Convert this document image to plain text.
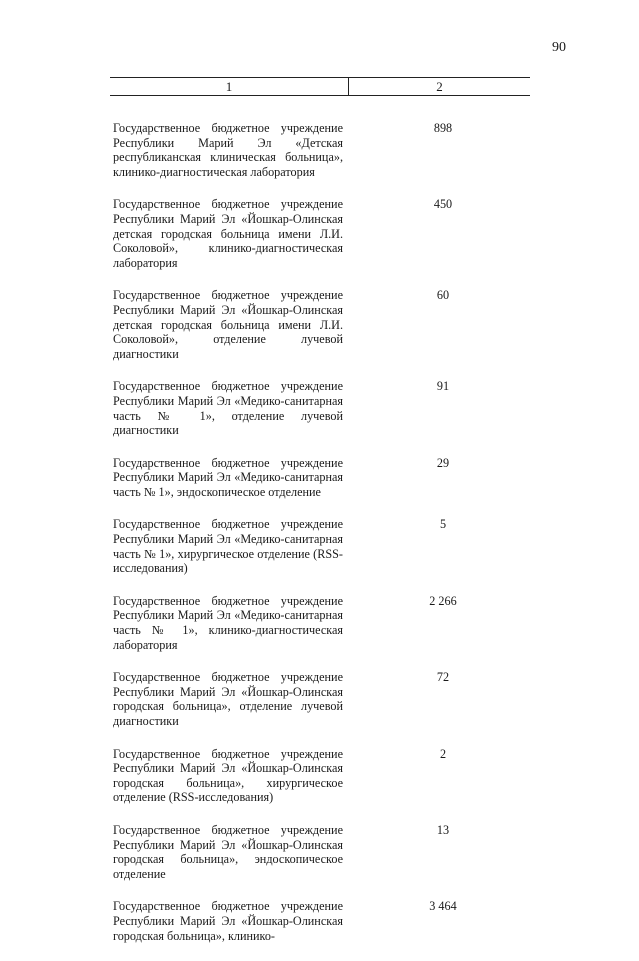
90
1	2
Государственное бюджетное учреждение Республики Марий Эл «Детская республиканская клиническая больница», клинико-диагностическая лаборатория
898
Государственное бюджетное учреждение Республики Марий Эл «Йошкар-Олинская детская городская больница имени Л.И. Соколовой», клинико-диагностическая лаборатория
450
Государственное бюджетное учреждение Республики Марий Эл «Йошкар-Олинская детская городская больница имени Л.И. Соколовой», отделение лучевой диагностики
60
Государственное бюджетное учреждение Республики Марий Эл «Медико-санитарная часть № 1», отделение лучевой диагностики
91
Государственное бюджетное учреждение Республики Марий Эл «Медико-санитарная часть № 1», эндоскопическое отделение
29
Государственное бюджетное учреждение Республики Марий Эл «Медико-санитарная часть № 1», хирургическое отделение (RSS-исследования)
5
Государственное бюджетное учреждение Республики Марий Эл «Медико-санитарная часть № 1», клинико-диагностическая лаборатория
2 266
Государственное бюджетное учреждение Республики Марий Эл «Йошкар-Олинская городская больница», отделение лучевой диагностики
72
Государственное бюджетное учреждение Республики Марий Эл «Йошкар-Олинская городская больница», хирургическое отделение (RSS-исследования)
2
Государственное бюджетное учреждение Республики Марий Эл «Йошкар-Олинская городская больница», эндоскопическое отделение
13
Государственное бюджетное учреждение Республики Марий Эл «Йошкар-Олинская городская больница», клинико-
3 464
